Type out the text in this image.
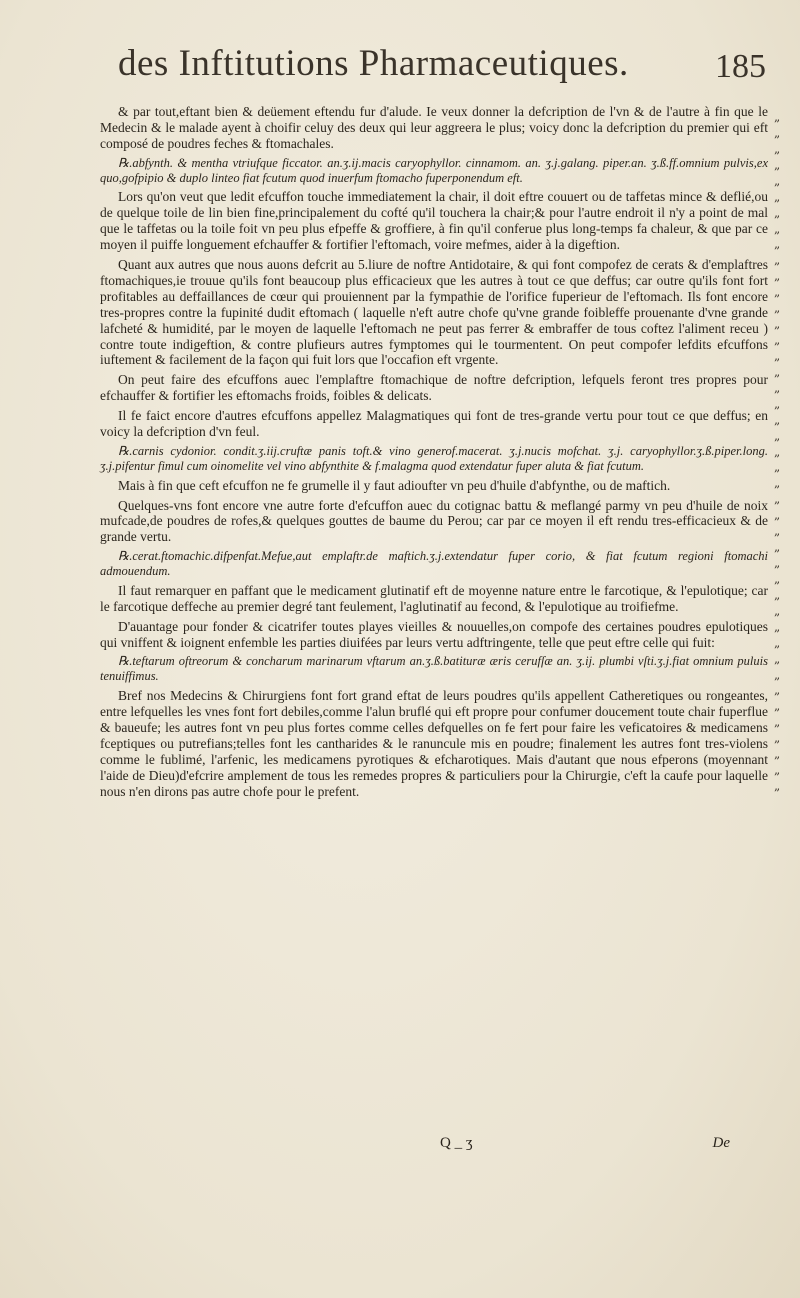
des Inftitutions Pharmaceutiques.	185

& par tout,eftant bien & deüement eftendu fur d'alude. Ie veux donner la defcription de l'vn & de l'autre à fin que le Medecin & le malade ayent à choifir celuy des deux qui leur aggreera le plus; voicy donc la defcription du premier qui eft composé de poudres feches & ftomachales.

℞.abfynth. & mentha vtriufque ficcator. an.ʒ.ij.macis caryophyllor. cinnamom. an. ʒ.j.galang. piper.an. ʒ.ß.ff.omnium pulvis,ex quo,gofpipio & duplo linteo fiat fcutum quod inuerfum ftomacho fuperponendum eft.

Lors qu'on veut que ledit efcuffon touche immediatement la chair, il doit eftre couuert ou de taffetas mince & deflié,ou de quelque toile de lin bien fine,principalement du cofté qu'il touchera la chair;& pour l'autre endroit il n'y a point de mal que le taffetas ou la toile foit vn peu plus efpeffe & groffiere, à fin qu'il conferue plus long-temps fa chaleur, & que par ce moyen il puiffe longuement efchauffer & fortifier l'eftomach, voire mefmes, aider à la digeftion.

Quant aux autres que nous auons defcrit au 5.liure de noftre Antidotaire, & qui font compofez de cerats & d'emplaftres ftomachiques,ie trouue qu'ils font beaucoup plus efficacieux que les autres à tout ce que deffus; car outre qu'ils font fort profitables au deffaillances de cœur qui prouiennent par la fympathie de l'orifice fuperieur de l'eftomach. Ils font encore tres-propres contre la fupinité dudit eftomach ( laquelle n'eft autre chofe qu'vne grande foibleffe prouenante d'vne grande lafcheté & humidité, par le moyen de laquelle l'eftomach ne peut pas ferrer & embraffer de tous coftez l'aliment receu ) contre toute indigeftion, & contre plufieurs autres fymptomes qui le tourmentent. On peut compofer lefdits efcuffons iuftement & facilement de la façon qui fuit lors que l'occafion eft vrgente.

On peut faire des efcuffons auec l'emplaftre ftomachique de noftre defcription, lefquels feront tres propres pour efchauffer & fortifier les eftomachs froids, foibles & delicats.

Il fe faict encore d'autres efcuffons appellez Malagmatiques qui font de tres-grande vertu pour tout ce que deffus; en voicy la defcription d'vn feul.

℞.carnis cydonior. condit.ʒ.iij.cruftæ panis toft.& vino generof.macerat. ʒ.j.nucis mofchat. ʒ.j. caryophyllor.ʒ.ß.piper.long. ʒ.j.pifentur fimul cum oinomelite vel vino abfynthite & f.malagma quod extendatur fuper aluta & fiat fcutum.

Mais à fin que ceft efcuffon ne fe grumelle il y faut adioufter vn peu d'huile d'abfynthe, ou de maftich.

Quelques-vns font encore vne autre forte d'efcuffon auec du cotignac battu & meflangé parmy vn peu d'huile de noix mufcade,de poudres de rofes,& quelques gouttes de baume du Perou; car par ce moyen il eft rendu tres-efficacieux & de grande vertu.

℞.cerat.ftomachic.difpenfat.Mefue,aut emplaftr.de maftich.ʒ.j.extendatur fuper corio, & fiat fcutum regioni ftomachi admouendum.

Il faut remarquer en paffant que le medicament glutinatif eft de moyenne nature entre le farcotique, & l'epulotique; car le farcotique deffeche au premier degré tant feulement, l'aglutinatif au fecond, & l'epulotique au troifiefme.

D'auantage pour fonder & cicatrifer toutes playes vieilles & nouuelles,on compofe des certaines poudres epulotiques qui vniffent & ioignent enfemble les parties diuifées par leurs vertu adftringente, telle que peut eftre celle qui fuit:

℞.teftarum oftreorum & concharum marinarum vftarum an.ʒ.ß.batituræ æris cerufſæ an. ʒ.ij. plumbi vſti.ʒ.j.fiat omnium puluis tenuiffimus.

Bref nos Medecins & Chirurgiens font fort grand eftat de leurs poudres qu'ils appellent Catheretiques ou rongeantes, entre lefquelles les vnes font fort debiles,comme l'alun bruflé qui eft propre pour confumer doucement toute chair fuperflue & baueufe; les autres font vn peu plus fortes comme celles defquelles on fe fert pour faire les veficatoires & medicamens fceptiques ou putrefians;telles font les cantharides & le ranuncule mis en poudre; finalement les autres font tres-violens comme le fublimé, l'arfenic, les medicamens pyrotiques & efcharotiques. Mais d'autant que nous efperons (moyennant l'aide de Dieu)d'efcrire amplement de tous les remedes propres & particuliers pour la Chirurgie, c'eft la caufe pour laquelle nous n'en dirons pas autre chofe pour le prefent.

„
„
„
„
„
„
„
„
„
„
„
„
„
„
„
„
„
„
„
„
„
„
„
„
„
„
„
„
„
„
„
„
„
„
„
„
„
„
„
„
„
„
„
Q _ ʒ	De
